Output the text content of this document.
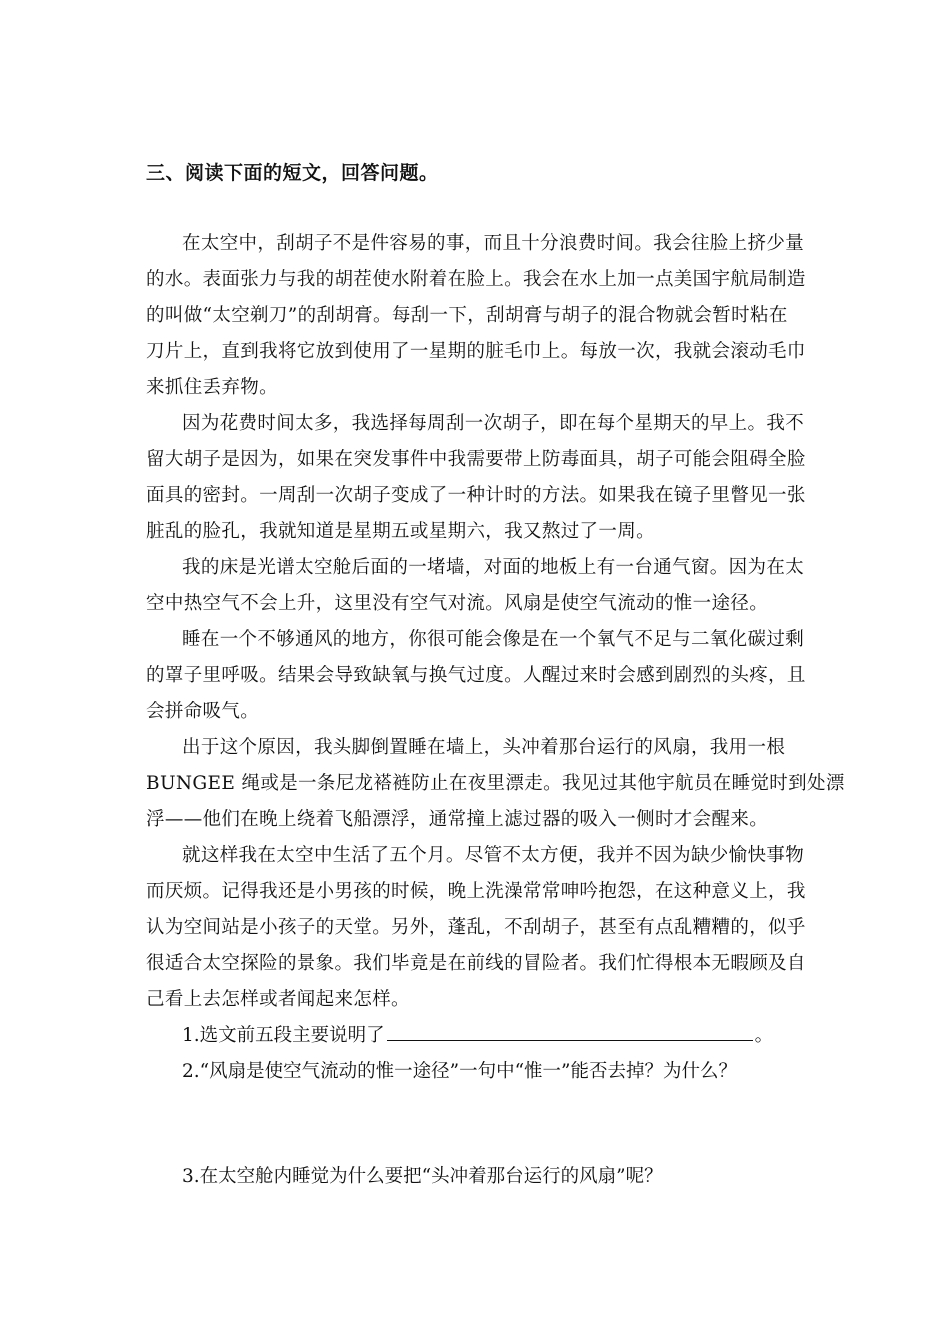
三、阅读下面的短文，回答问题。
在太空中，刮胡子不是件容易的事，而且十分浪费时间。我会往脸上挤少量
的水。表面张力与我的胡茬使水附着在脸上。我会在水上加一点美国宇航局制造
的叫做“太空剃刀”的刮胡膏。每刮一下，刮胡膏与胡子的混合物就会暂时粘在
刀片上，直到我将它放到使用了一星期的脏毛巾上。每放一次，我就会滚动毛巾
来抓住丢弃物。
因为花费时间太多，我选择每周刮一次胡子，即在每个星期天的早上。我不
留大胡子是因为，如果在突发事件中我需要带上防毒面具，胡子可能会阻碍全脸
面具的密封。一周刮一次胡子变成了一种计时的方法。如果我在镜子里瞥见一张
脏乱的脸孔，我就知道是星期五或星期六，我又熬过了一周。
我的床是光谱太空舱后面的一堵墙，对面的地板上有一台通气窗。因为在太
空中热空气不会上升，这里没有空气对流。风扇是使空气流动的惟一途径。
睡在一个不够通风的地方，你很可能会像是在一个氧气不足与二氧化碳过剩
的罩子里呼吸。结果会导致缺氧与换气过度。人醒过来时会感到剧烈的头疼，且
会拼命吸气。
出于这个原因，我头脚倒置睡在墙上，头冲着那台运行的风扇，我用一根
BUNGEE 绳或是一条尼龙褡裢防止在夜里漂走。我见过其他宇航员在睡觉时到处漂
浮——他们在晚上绕着飞船漂浮，通常撞上滤过器的吸入一侧时才会醒来。
就这样我在太空中生活了五个月。尽管不太方便，我并不因为缺少愉快事物
而厌烦。记得我还是小男孩的时候，晚上洗澡常常呻吟抱怨，在这种意义上，我
认为空间站是小孩子的天堂。另外，蓬乱，不刮胡子，甚至有点乱糟糟的，似乎
很适合太空探险的景象。我们毕竟是在前线的冒险者。我们忙得根本无暇顾及自
己看上去怎样或者闻起来怎样。
1.选文前五段主要说明了	。
2.“风扇是使空气流动的惟一途径”一句中“惟一”能否去掉？为什么？
3.在太空舱内睡觉为什么要把“头冲着那台运行的风扇”呢？
